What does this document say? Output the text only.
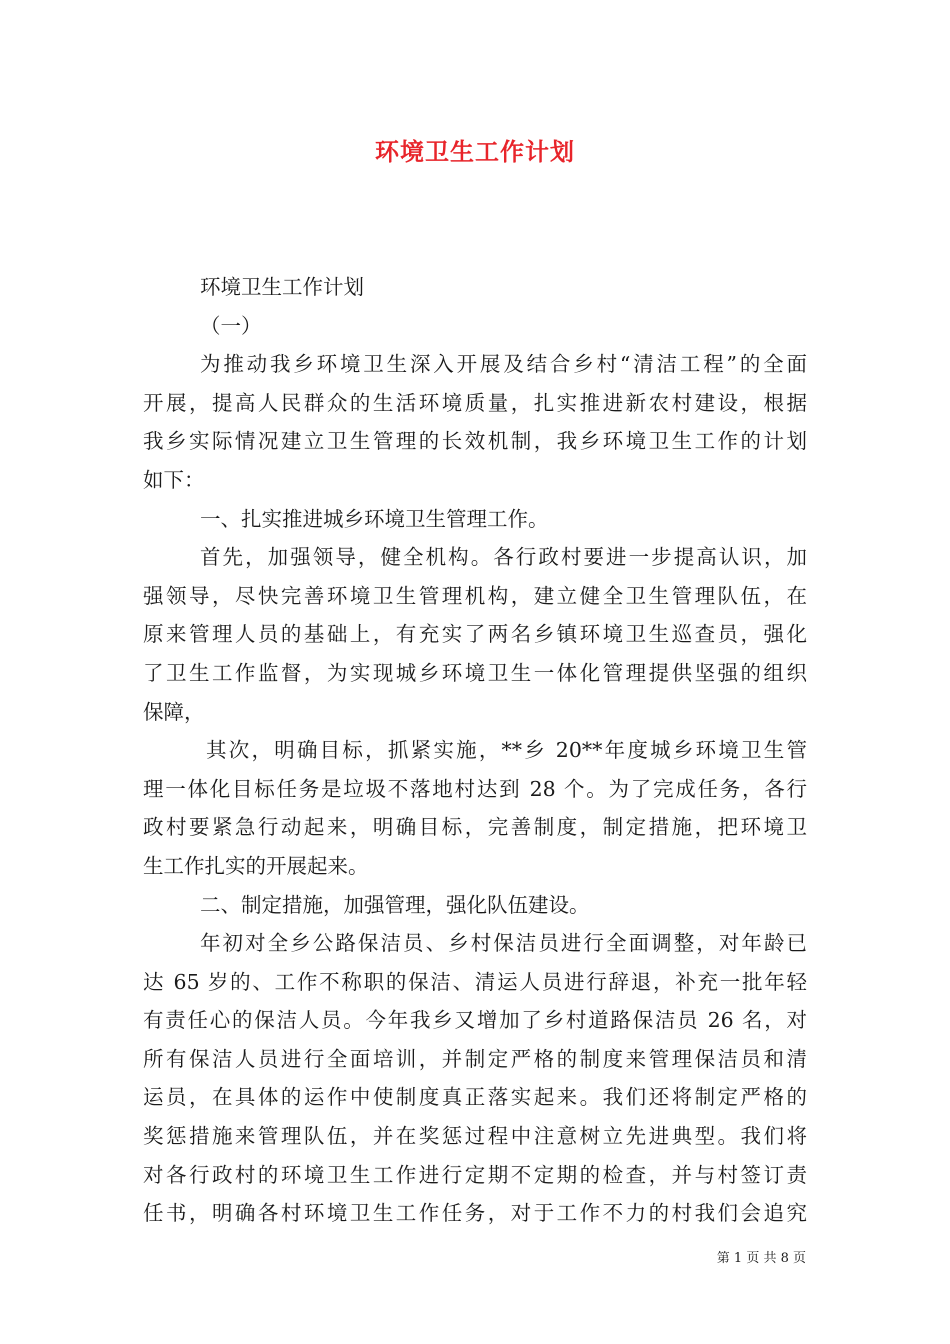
环境卫生工作计划
环境卫生工作计划
（一）
为推动我乡环境卫生深入开展及结合乡村“清洁工程”的全面
开展，提高人民群众的生活环境质量，扎实推进新农村建设，根据
我乡实际情况建立卫生管理的长效机制，我乡环境卫生工作的计划
如下：
一、扎实推进城乡环境卫生管理工作。
首先，加强领导，健全机构。各行政村要进一步提高认识，加
强领导，尽快完善环境卫生管理机构，建立健全卫生管理队伍，在
原来管理人员的基础上，有充实了两名乡镇环境卫生巡查员，强化
了卫生工作监督，为实现城乡环境卫生一体化管理提供坚强的组织
保障，
其次，明确目标，抓紧实施，**乡 20**年度城乡环境卫生管
理一体化目标任务是垃圾不落地村达到 28 个。为了完成任务，各行
政村要紧急行动起来，明确目标，完善制度，制定措施，把环境卫
生工作扎实的开展起来。
二、制定措施，加强管理，强化队伍建设。
年初对全乡公路保洁员、乡村保洁员进行全面调整，对年龄已
达 65 岁的、工作不称职的保洁、清运人员进行辞退，补充一批年轻
有责任心的保洁人员。今年我乡又增加了乡村道路保洁员 26 名，对
所有保洁人员进行全面培训，并制定严格的制度来管理保洁员和清
运员，在具体的运作中使制度真正落实起来。我们还将制定严格的
奖惩措施来管理队伍，并在奖惩过程中注意树立先进典型。我们将
对各行政村的环境卫生工作进行定期不定期的检查，并与村签订责
任书，明确各村环境卫生工作任务，对于工作不力的村我们会追究
第 1 页 共 8 页
